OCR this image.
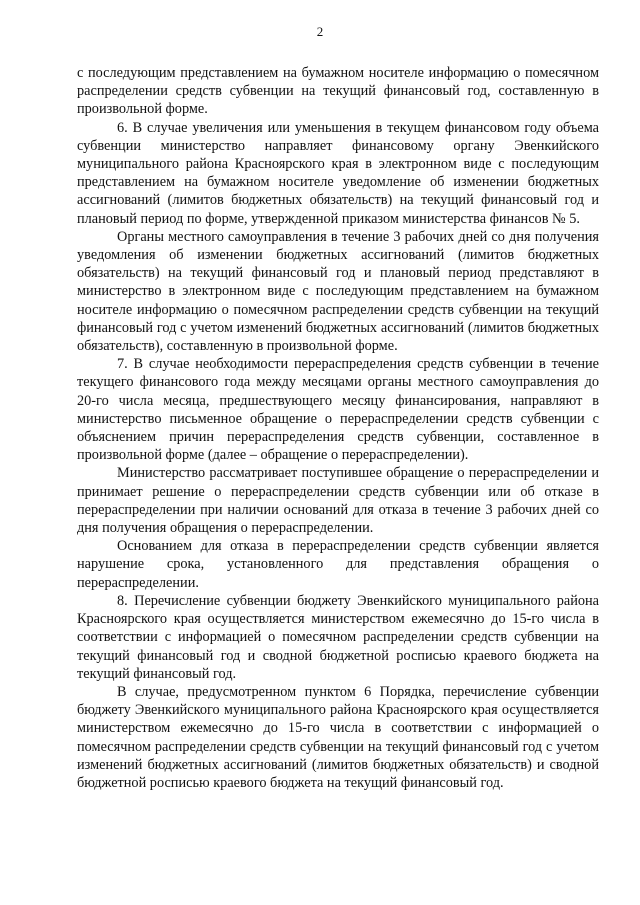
2

с последующим представлением на бумажном носителе информацию о помесячном распределении средств субвенции на текущий финансовый год, составленную в произвольной форме.

6. В случае увеличения или уменьшения в текущем финансовом году объема субвенции министерство направляет финансовому органу Эвенкийского муниципального района Красноярского края в электронном виде с последующим представлением на бумажном носителе уведомление об изменении бюджетных ассигнований (лимитов бюджетных обязательств) на текущий финансовый год и плановый период по форме, утвержденной приказом министерства финансов № 5.

Органы местного самоуправления в течение 3 рабочих дней со дня получения уведомления об изменении бюджетных ассигнований (лимитов бюджетных обязательств) на текущий финансовый год и плановый период представляют в министерство в электронном виде с последующим представлением на бумажном носителе информацию о помесячном распределении средств субвенции на текущий финансовый год с учетом изменений бюджетных ассигнований (лимитов бюджетных обязательств), составленную в произвольной форме.

7. В случае необходимости перераспределения средств субвенции в течение текущего финансового года между месяцами органы местного самоуправления до 20-го числа месяца, предшествующего месяцу финансирования, направляют в министерство письменное обращение о перераспределении средств субвенции с объяснением причин перераспределения средств субвенции, составленное в произвольной форме (далее – обращение о перераспределении).

Министерство рассматривает поступившее обращение о перераспределении и принимает решение о перераспределении средств субвенции или об отказе в перераспределении при наличии оснований для отказа в течение 3 рабочих дней со дня получения обращения о перераспределении.

Основанием для отказа в перераспределении средств субвенции является нарушение срока, установленного для представления обращения о перераспределении.

8. Перечисление субвенции бюджету Эвенкийского муниципального района Красноярского края осуществляется министерством ежемесячно до 15-го числа в соответствии с информацией о помесячном распределении средств субвенции на текущий финансовый год и сводной бюджетной росписью краевого бюджета на текущий финансовый год.

В случае, предусмотренном пунктом 6 Порядка, перечисление субвенции бюджету Эвенкийского муниципального района Красноярского края осуществляется министерством ежемесячно до 15-го числа в соответствии с информацией о помесячном распределении средств субвенции на текущий финансовый год с учетом изменений бюджетных ассигнований (лимитов бюджетных обязательств) и сводной бюджетной росписью краевого бюджета на текущий финансовый год.
